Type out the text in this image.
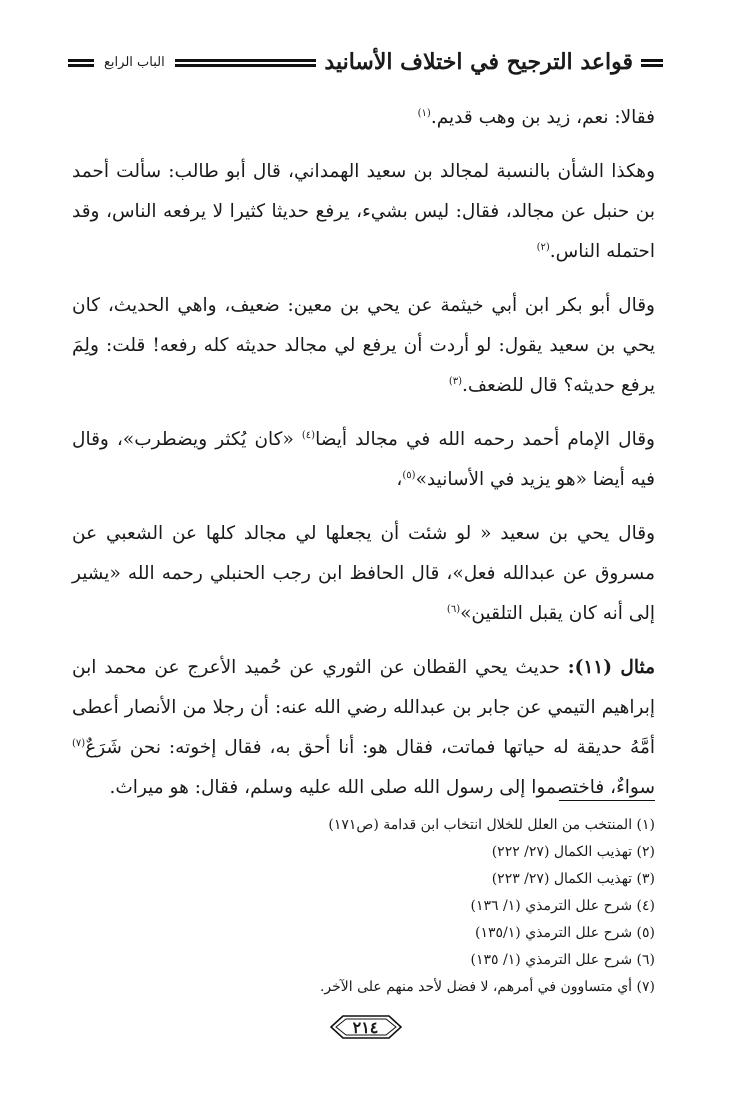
قواعد الترجيح في اختلاف الأسانيد
الباب الرابع

فقالا: نعم، زيد بن وهب قديم.$^{(١)}$

وهكذا الشأن بالنسبة لمجالد بن سعيد الهمداني، قال أبو طالب: سألت أحمد بن حنبل عن مجالد، فقال: ليس بشيء، يرفع حديثا كثيرا لا يرفعه الناس، وقد احتمله الناس.$^{(٢)}$

وقال أبو بكر ابن أبي خيثمة عن يحي بن معين: ضعيف، واهي الحديث، كان يحي بن سعيد يقول: لو أردت أن يرفع لي مجالد حديثه كله رفعه! قلت: ولِمَ يرفع حديثه؟ قال للضعف.$^{(٣)}$

وقال الإمام أحمد رحمه الله في مجالد أيضا$^{(٤)}$ «كان يُكثر ويضطرب»، وقال فيه أيضا «هو يزيد في الأسانيد»$^{(٥)}$،

وقال يحي بن سعيد « لو شئت أن يجعلها لي مجالد كلها عن الشعبي عن مسروق عن عبدالله فعل»، قال الحافظ ابن رجب الحنبلي رحمه الله «يشير إلى أنه كان يقبل التلقين»$^{(٦)}$

مثال (١١): حديث يحي القطان عن الثوري عن حُميد الأعرج عن محمد ابن إبراهيم التيمي عن جابر بن عبدالله رضي الله عنه: أن رجلا من الأنصار أعطى أمَّهُ حديقة له حياتها فماتت، فقال هو: أنا أحق به، فقال إخوته: نحن شَرَعٌ$^{(٧)}$ سواءٌ، فاختصموا إلى رسول الله صلى الله عليه وسلم، فقال: هو ميراث.

(١) المنتخب من العلل للخلال انتخاب ابن قدامة (ص١٧١)
(٢) تهذيب الكمال (٢٧/ ٢٢٢)
(٣) تهذيب الكمال (٢٧/ ٢٢٣)
(٤) شرح علل الترمذي (١/ ١٣٦)
(٥) شرح علل الترمذي (١٣٥/١)
(٦) شرح علل الترمذي (١/ ١٣٥)
(٧) أي متساوون في أمرهم، لا فضل لأحد منهم على الآخر.
٢١٤
